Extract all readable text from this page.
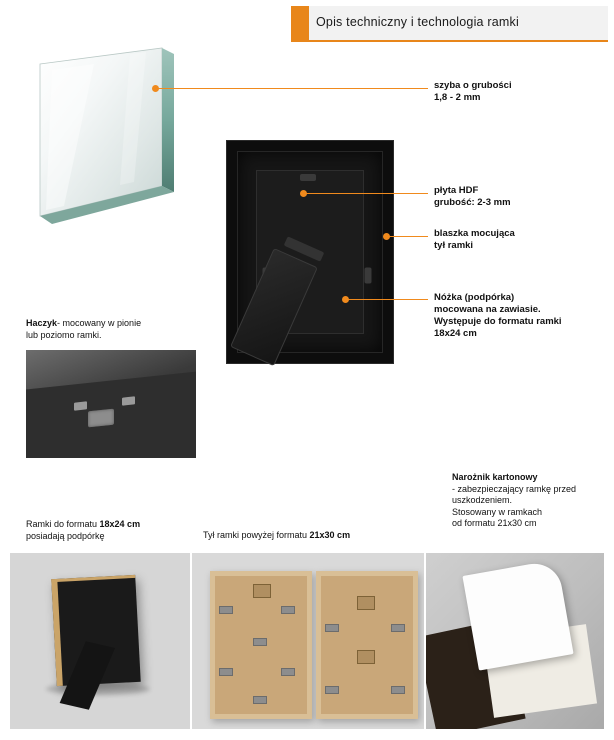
Opis techniczny i technologia ramki
szyba o grubości
1,8 - 2 mm
płyta HDF
grubość: 2-3 mm
blaszka mocująca
tył ramki
Nóżka (podpórka)
mocowana na zawiasie.
Występuje do formatu ramki
18x24 cm
Haczyk- mocowany w pionie
lub poziomo ramki.
Narożnik kartonowy
- zabezpieczający ramkę przed
uszkodzeniem.
Stosowany w ramkach
od formatu 21x30 cm
Ramki do formatu 18x24 cm
posiadają podpórkę	Tył ramki powyżej formatu 21x30 cm
